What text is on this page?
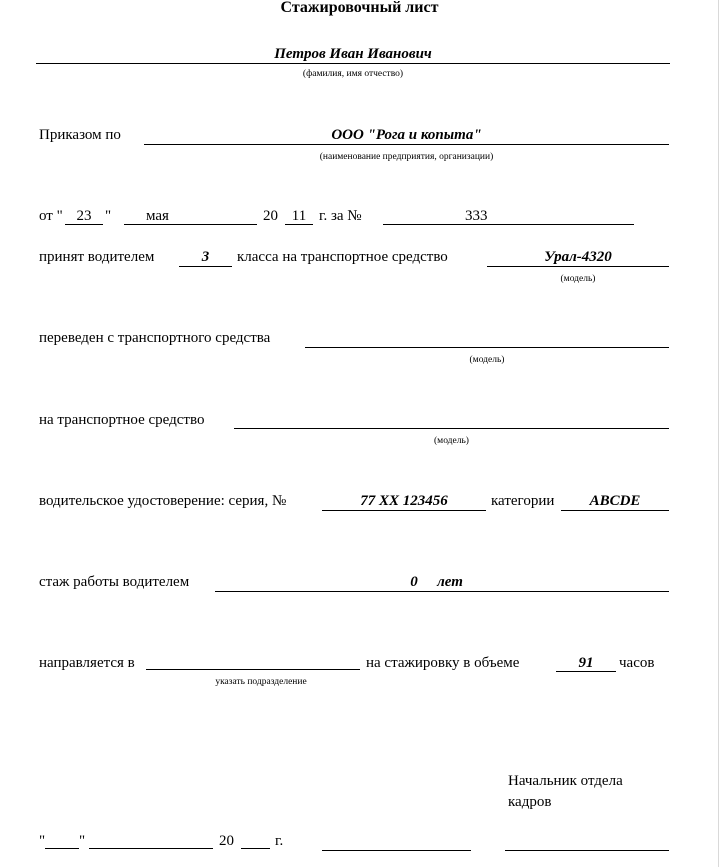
Стажировочный лист
Петров Иван Иванович
(фамилия, имя отчество)
Приказом по	ООО "Рога и копыта"
(наименование предприятия, организации)
от " 23 "	мая	20 11 г. за №	333
принят водителем	3	класса на транспортное средство	Урал-4320
(модель)
переведен с транспортного средства
(модель)
на транспортное средство
(модель)
водительское удостоверение: серия, №	77 XX 123456	категории	ABCDE
стаж работы водителем	0	лет
направляется в
указать подразделение
на стажировку в объеме	91	часов
Начальник отдела
кадров
" "	20	г.
